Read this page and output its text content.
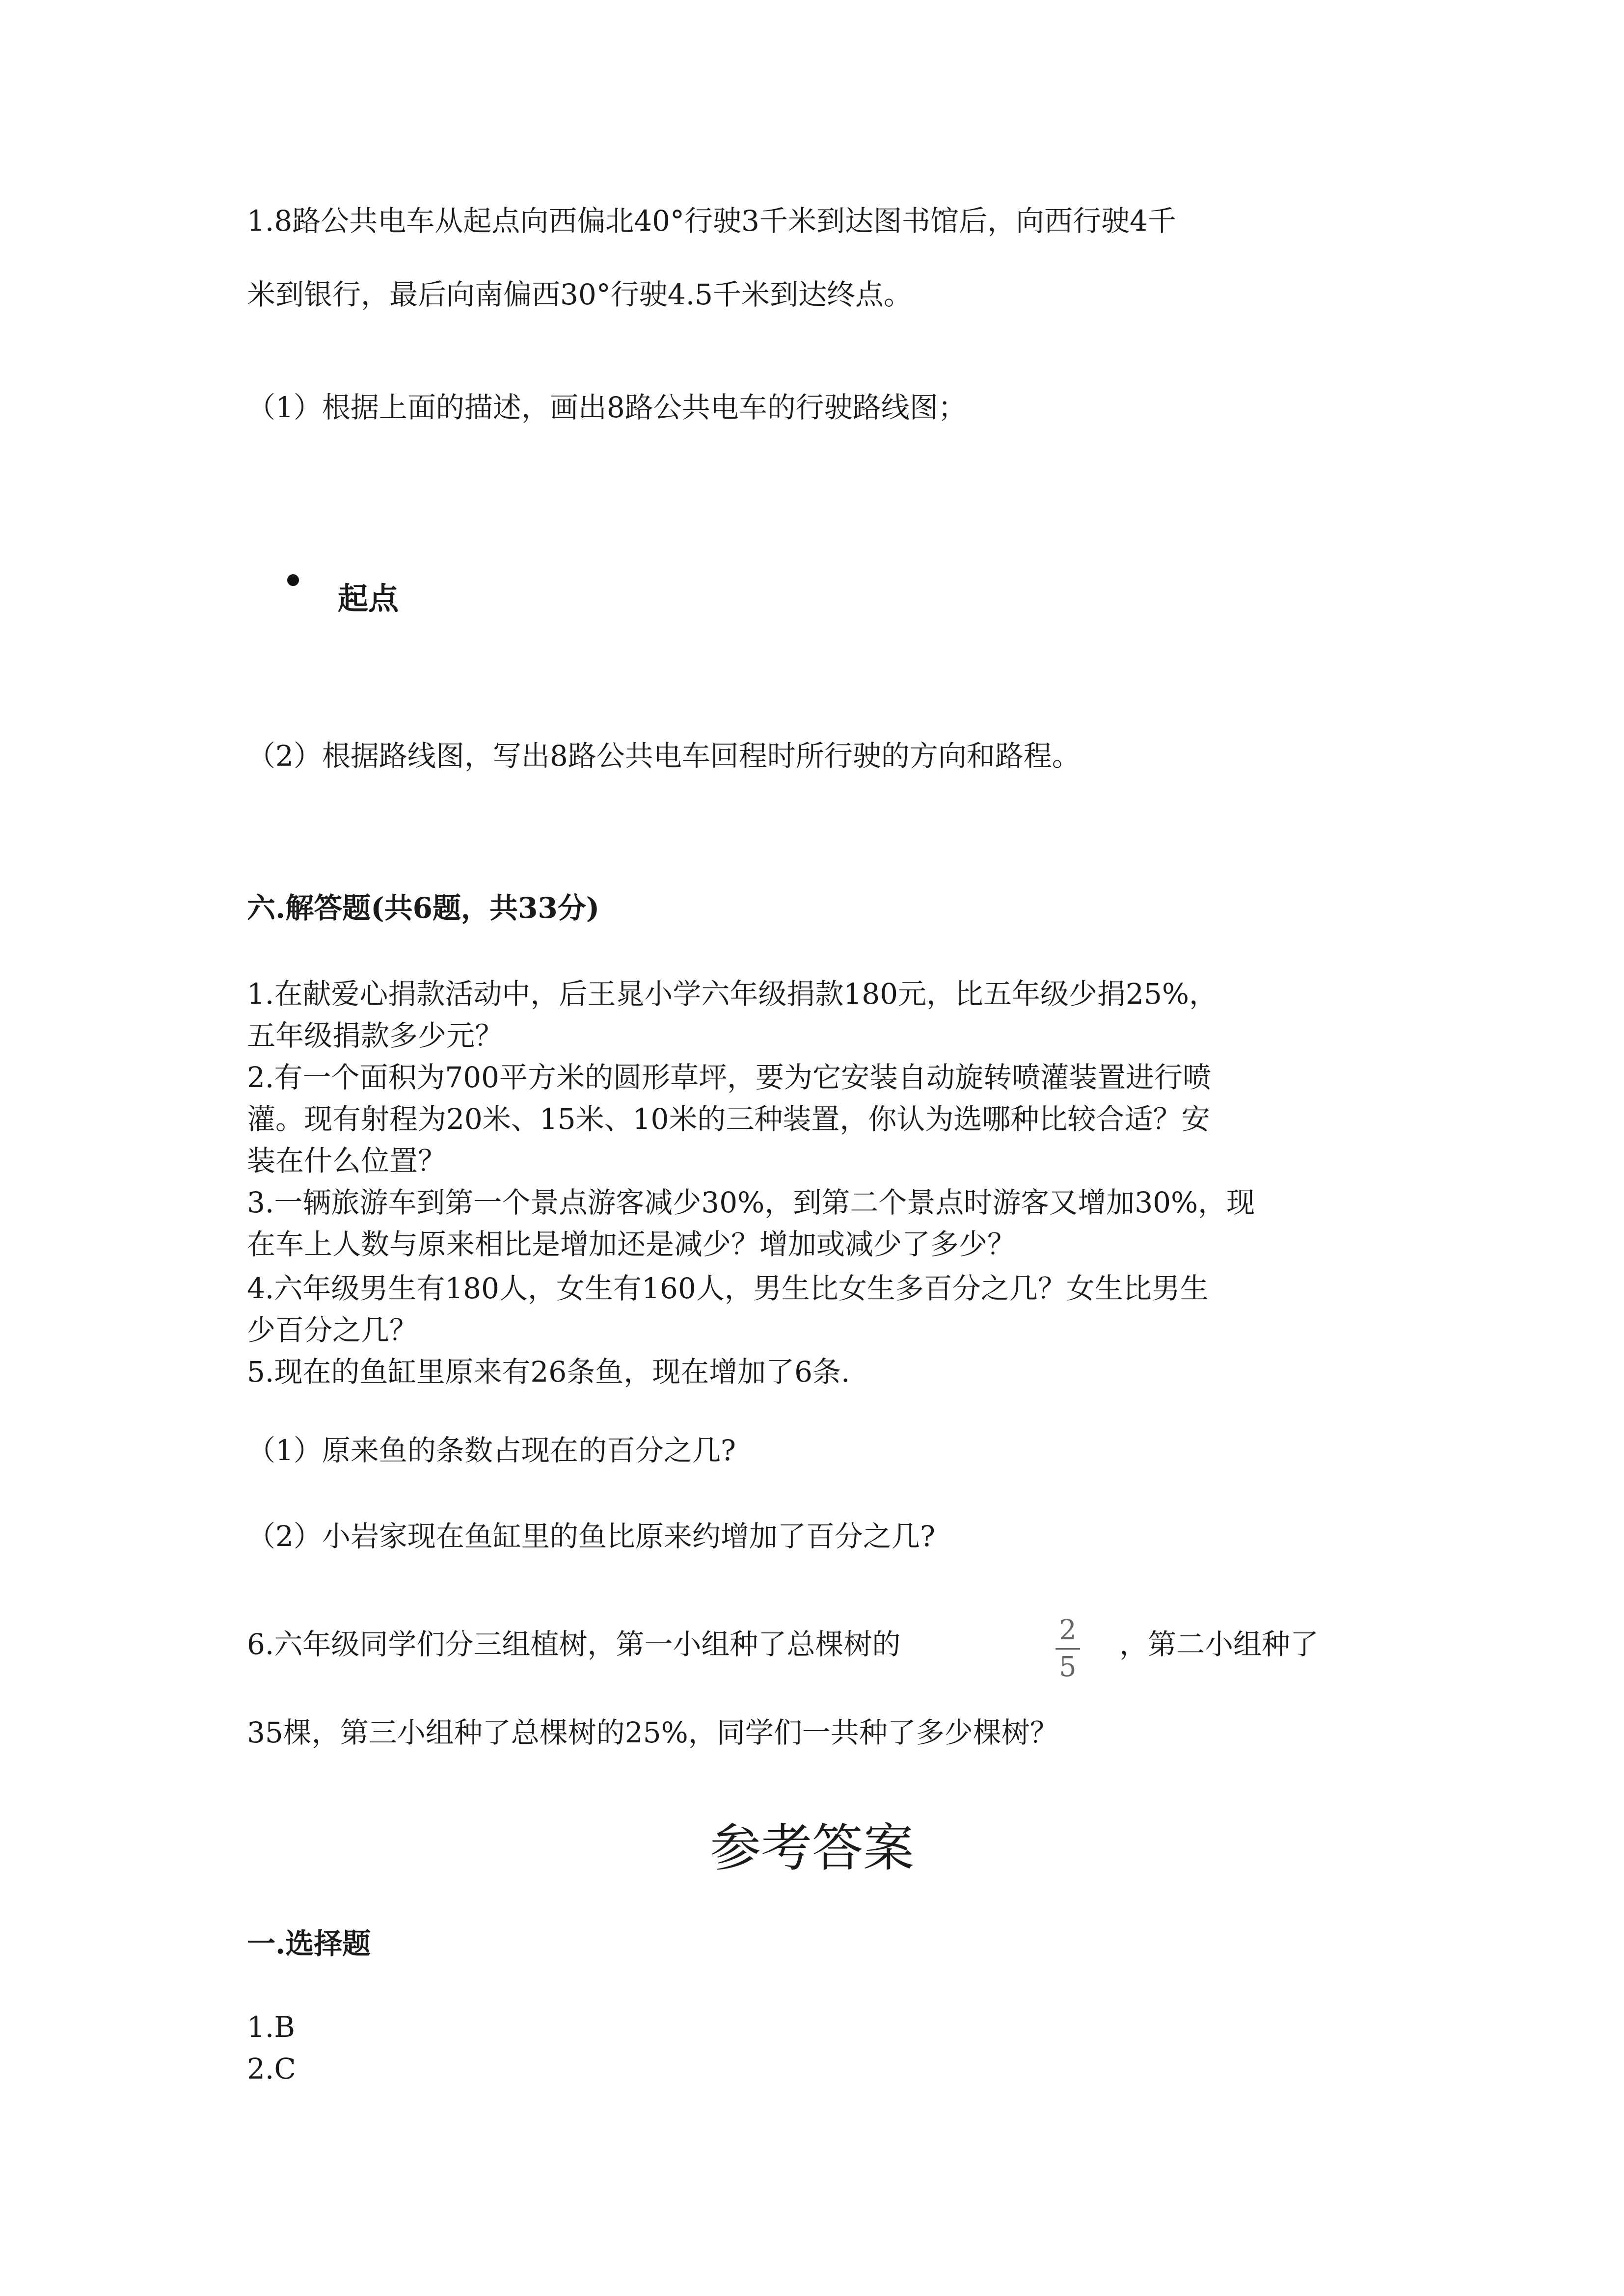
1.8路公共电车从起点向西偏北40°行驶3千米到达图书馆后，向西行驶4千

米到银行，最后向南偏西30°行驶4.5千米到达终点。

（1）根据上面的描述，画出8路公共电车的行驶路线图；

起点

（2）根据路线图，写出8路公共电车回程时所行驶的方向和路程。

六.解答题(共6题，共33分)

1.在献爱心捐款活动中，后王晁小学六年级捐款180元，比五年级少捐25%，

五年级捐款多少元？

2.有一个面积为700平方米的圆形草坪，要为它安装自动旋转喷灌装置进行喷

灌。现有射程为20米、15米、10米的三种装置，你认为选哪种比较合适？安

装在什么位置？

3.一辆旅游车到第一个景点游客减少30%，到第二个景点时游客又增加30%，现

在车上人数与原来相比是增加还是减少？增加或减少了多少？

4.六年级男生有180人，女生有160人，男生比女生多百分之几？女生比男生

少百分之几？

5.现在的鱼缸里原来有26条鱼，现在增加了6条.

（1）原来鱼的条数占现在的百分之几?

（2）小岩家现在鱼缸里的鱼比原来约增加了百分之几?

6.六年级同学们分三组植树，第一小组种了总棵树的	2
5

，第二小组种了

35棵，第三小组种了总棵树的25%，同学们一共种了多少棵树？

参考答案

一.选择题

1.B

2.C
